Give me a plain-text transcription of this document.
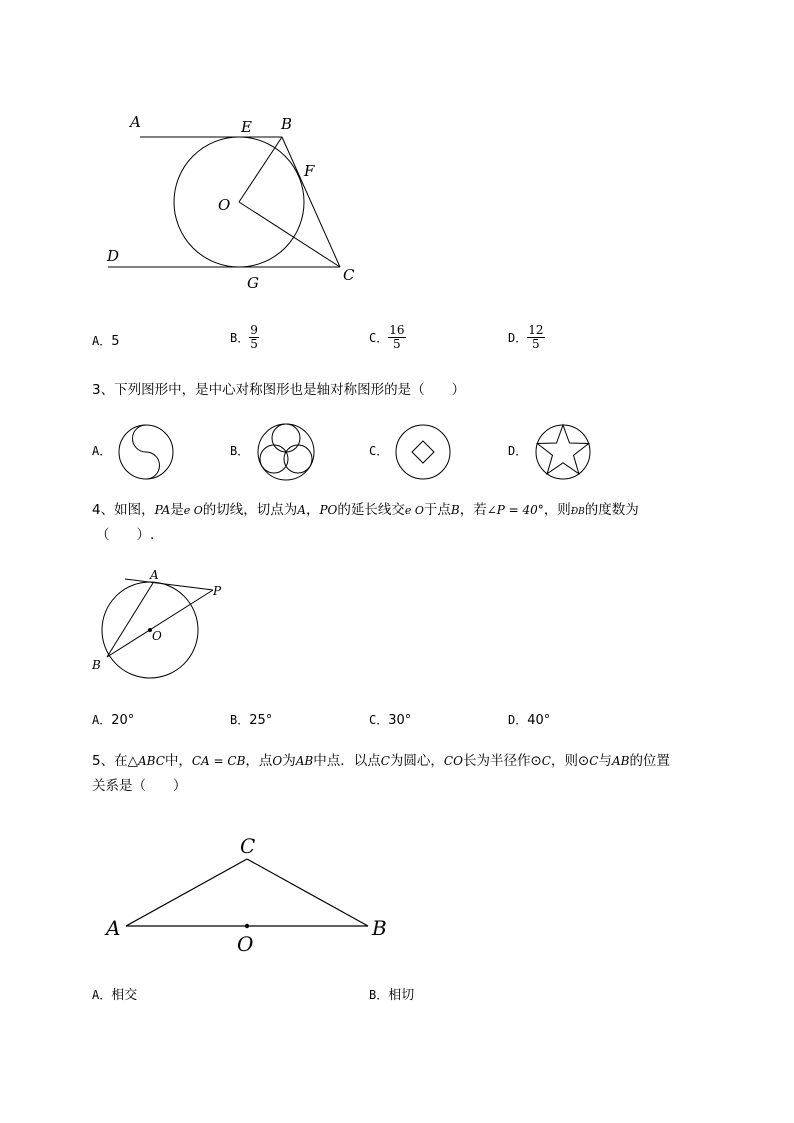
A	E B
F
O
D
G	C
A．5	B． $\frac{9}{5}$	C． $\frac{16}{5}$	D． $\frac{12}{5}$
3、下列图形中，是中心对称图形也是轴对称图形的是（　　）
A．	B．	C．	D．
4、如图，PA是e O的切线，切点为A，PO的延长线交e O于点B，若∠P = 40°，则ÐB的度数为
（　　）.
A
P
O
B
A．20°	B．25°	C．30°	D．40°
5、在△ABC中，CA = CB，点O为AB中点．以点C为圆心，CO长为半径作⊙C，则⊙C与AB的位置
关系是（　　）
C
A	B
O
A．相交	B．相切
